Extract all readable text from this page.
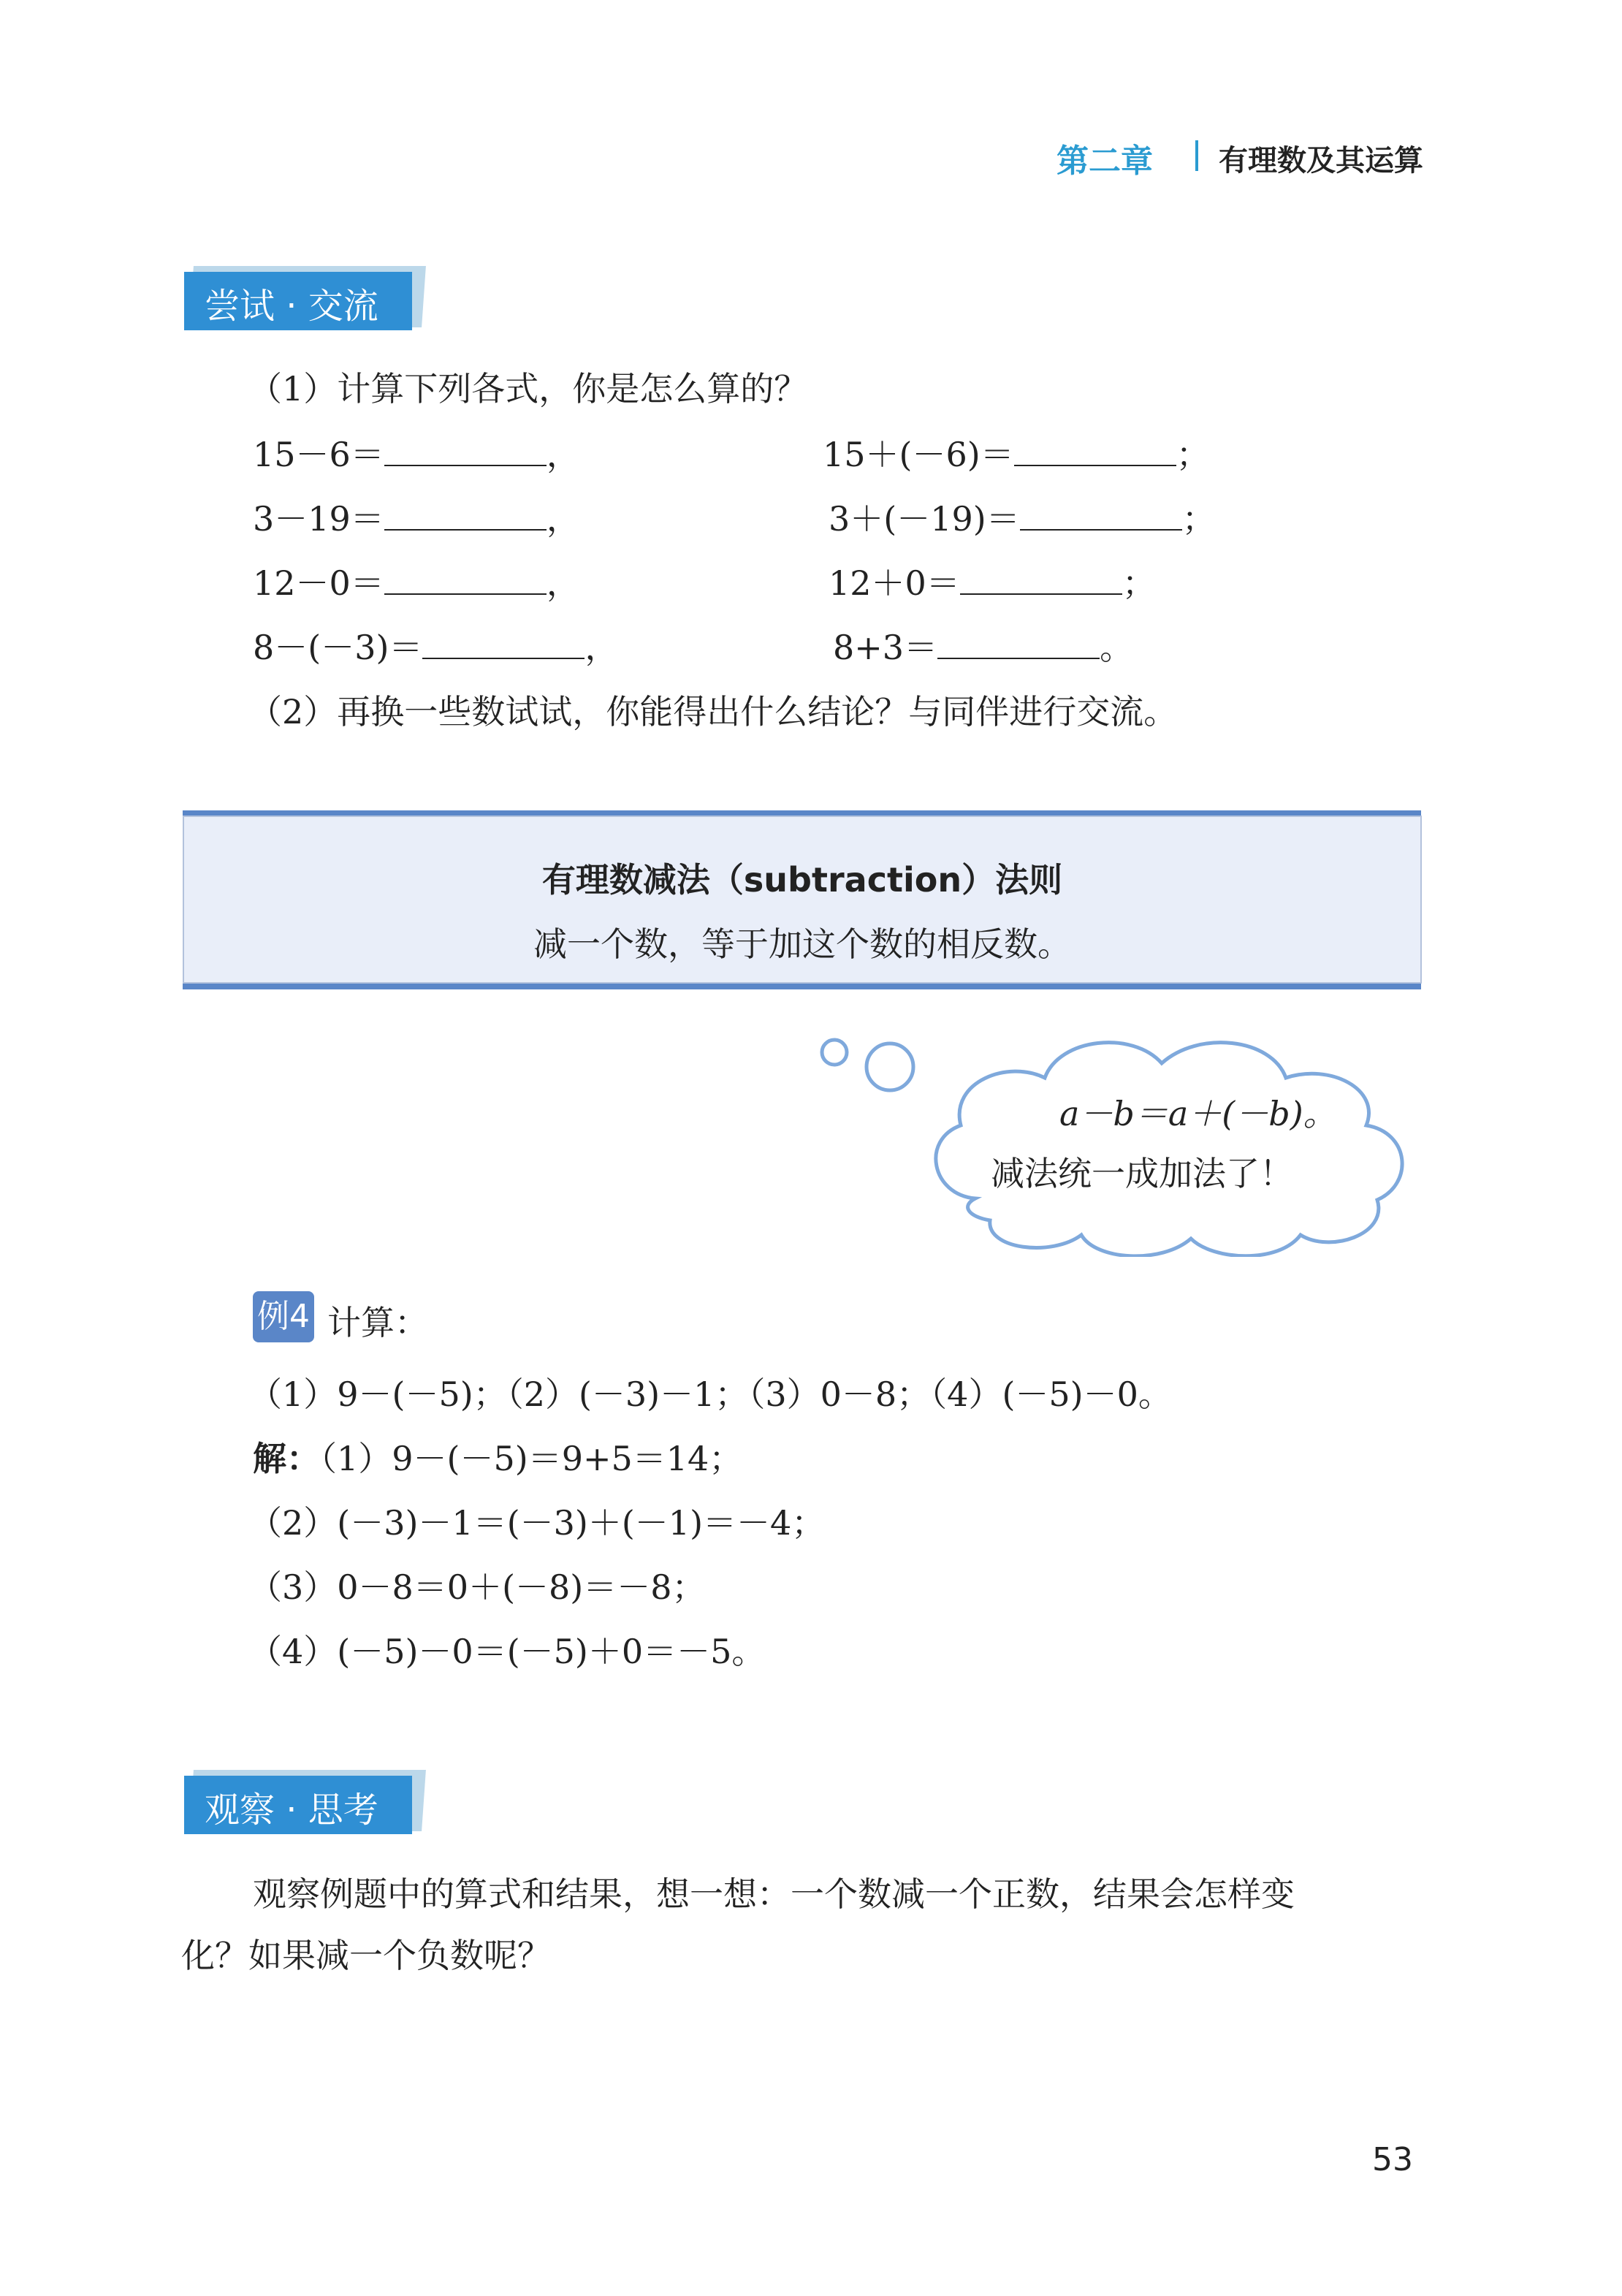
第二章 有理数及其运算
尝试 · 交流
（1）计算下列各式，你是怎么算的？
15－6＝	，	15＋(－6)＝	；
3－19＝	，	3＋(－19)＝	；
12－0＝	，	12＋0＝	；
8－(－3)＝	，	8+3＝	。
（2）再换一些数试试，你能得出什么结论？与同伴进行交流。
有理数减法（subtraction）法则
减一个数，等于加这个数的相反数。
a－b＝a＋(－b)。
减法统一成加法了！
例4 计算：
（1）9－(－5)；（2）(－3)－1；（3）0－8；（4）(－5)－0。
解：（1）9－(－5)＝9+5＝14；
（2）(－3)－1＝(－3)＋(－1)＝－4；
（3）0－8＝0＋(－8)＝－8；
（4）(－5)－0＝(－5)＋0＝－5。
观察 · 思考
观察例题中的算式和结果，想一想：一个数减一个正数，结果会怎样变
化？如果减一个负数呢？
53
